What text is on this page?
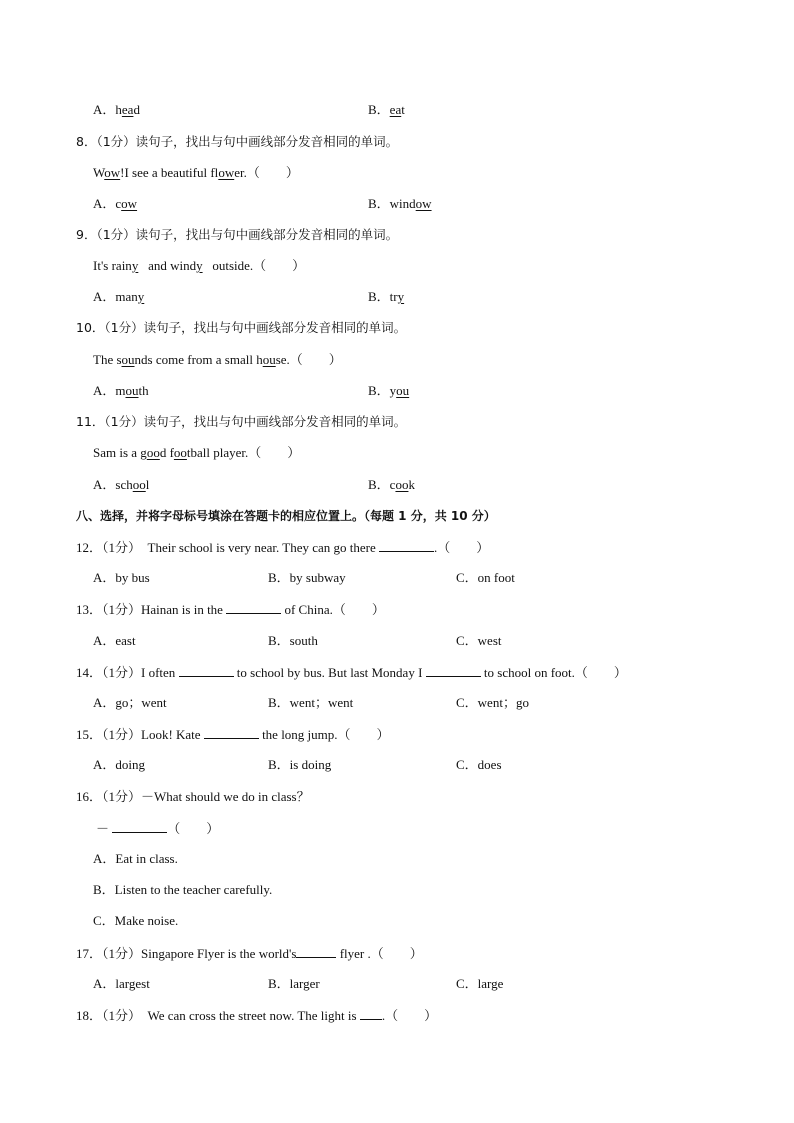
A．head	B．eat
8．（1分）读句子，找出与句中画线部分发音相同的单词。
Wow!I see a beautiful flower.（　　）
A．cow	B．window
9．（1分）读句子，找出与句中画线部分发音相同的单词。
It's rainy and windy outside.（　　）
A．many	B．try
10．（1分）读句子，找出与句中画线部分发音相同的单词。
The sounds come from a small house.（　　）
A．mouth	B．you
11．（1分）读句子，找出与句中画线部分发音相同的单词。
Sam is a good football player.（　　）
A．school	B．cook
八、选择，并将字母标号填涂在答题卡的相应位置上。（每题 1 分，共 10 分）
12．（1分）　Their school is very near. They can go there	.（　　）
A．by bus	B．by subway	C．on foot
13．（1分）Hainan is in the	of China.（　　）
A．east	B．south	C．west
14．（1分）I often	to school by bus. But last Monday I	to school on foot.（　　）
A．go；went	B．went；went	C．went；go
15．（1分）Look! Kate	the long jump.（　　）
A．doing	B．is doing	C．does
16．（1分）－What should we do in class？
－	（　　）
A．Eat in class.
B．Listen to the teacher carefully.
C．Make noise.
17．（1分）Singapore Flyer is the world's	flyer .（　　）
A．largest	B．larger	C．large
18．（1分）　We can cross the street now. The light is .（　　）
